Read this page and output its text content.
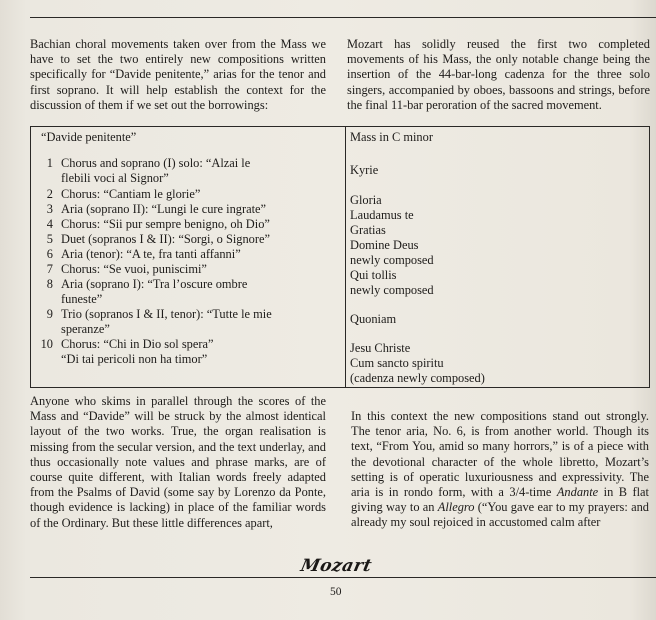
Bachian choral movements taken over from the Mass we have to set the two entirely new compositions written specifically for “Davide penitente,” arias for the tenor and first soprano. It will help establish the context for the discussion of them if we set out the borrowings:

Mozart has solidly reused the first two completed movements of his Mass, the only notable change being the insertion of the 44-bar-long cadenza for the three solo singers, accompanied by oboes, bassoons and strings, before the final 11-bar peroration of the sacred movement.

“Davide penitente”
1 Chorus and soprano (I) solo: “Alzai le
flebili voci al Signor”
2 Chorus: “Cantiam le glorie”
3 Aria (soprano II): “Lungi le cure ingrate”
4 Chorus: “Sii pur sempre benigno, oh Dio”
5 Duet (sopranos I & II): “Sorgi, o Signore”
6 Aria (tenor): “A te, fra tanti affanni”
7 Chorus: “Se vuoi, puniscimi”
8 Aria (soprano I): “Tra l’oscure ombre
funeste”
9 Trio (sopranos I & II, tenor): “Tutte le mie
speranze”
10 Chorus: “Chi in Dio sol spera”
“Di tai pericoli non ha timor”
Mass in C minor
Kyrie
Gloria
Laudamus te
Gratias
Domine Deus
newly composed
Qui tollis
newly composed
Quoniam
Jesu Christe
Cum sancto spiritu
(cadenza newly composed)

Anyone who skims in parallel through the scores of the Mass and “Davide” will be struck by the almost identical layout of the two works. True, the organ realisation is missing from the secular version, and the text underlay, and thus occasionally note values and phrase marks, are of course quite different, with Italian words freely adapted from the Psalms of David (some say by Lorenzo da Ponte, though evidence is lacking) in place of the familiar words of the Ordinary. But these little differences apart,

In this context the new compositions stand out strongly. The tenor aria, No. 6, is from another world. Though its text, “From You, amid so many horrors,” is of a piece with the devotional character of the whole libretto, Mozart’s setting is of operatic luxuriousness and expressivity. The aria is in rondo form, with a 3/4-time Andante in B flat giving way to an Allegro (“You gave ear to my prayers: and already my soul rejoiced in accustomed calm after

Mozart
50
